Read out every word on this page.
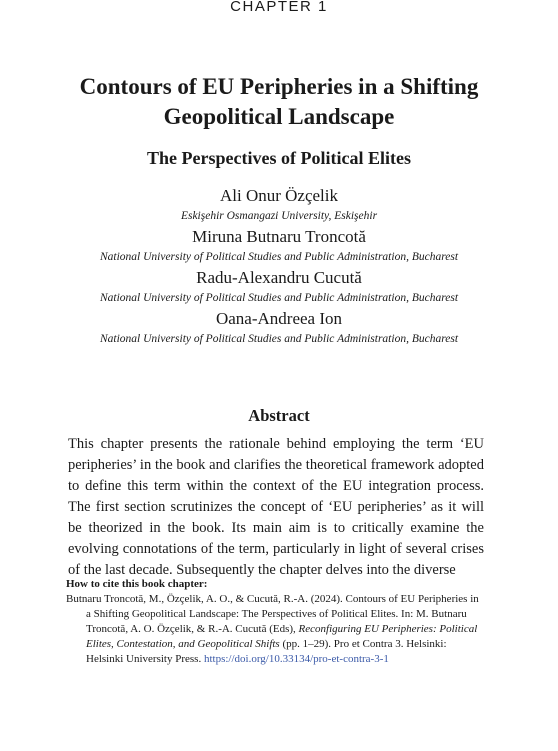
CHAPTER 1
Contours of EU Peripheries in a Shifting Geopolitical Landscape
The Perspectives of Political Elites
Ali Onur Özçelik
Eskişehir Osmangazi University, Eskişehir
Miruna Butnaru Troncotă
National University of Political Studies and Public Administration, Bucharest
Radu-Alexandru Cucută
National University of Political Studies and Public Administration, Bucharest
Oana-Andreea Ion
National University of Political Studies and Public Administration, Bucharest
Abstract

This chapter presents the rationale behind employing the term ‘EU peripheries’ in the book and clarifies the theoretical framework adopted to define this term within the context of the EU integration process. The first section scrutinizes the concept of ‘EU peripheries’ as it will be theorized in the book. Its main aim is to critically examine the evolving connotations of the term, particularly in light of several crises of the last decade. Subsequently the chapter delves into the diverse

How to cite this book chapter:
Butnaru Troncotă, M., Özçelik, A. O., & Cucută, R.-A. (2024). Contours of EU Peripheries in a Shifting Geopolitical Landscape: The Perspectives of Political Elites. In: M. Butnaru Troncotă, A. O. Özçelik, & R.-A. Cucută (Eds), Reconfiguring EU Peripheries: Political Elites, Contestation, and Geopolitical Shifts (pp. 1–29). Pro et Contra 3. Helsinki: Helsinki University Press. https://doi.org/10.33134/pro-et-contra-3-1
